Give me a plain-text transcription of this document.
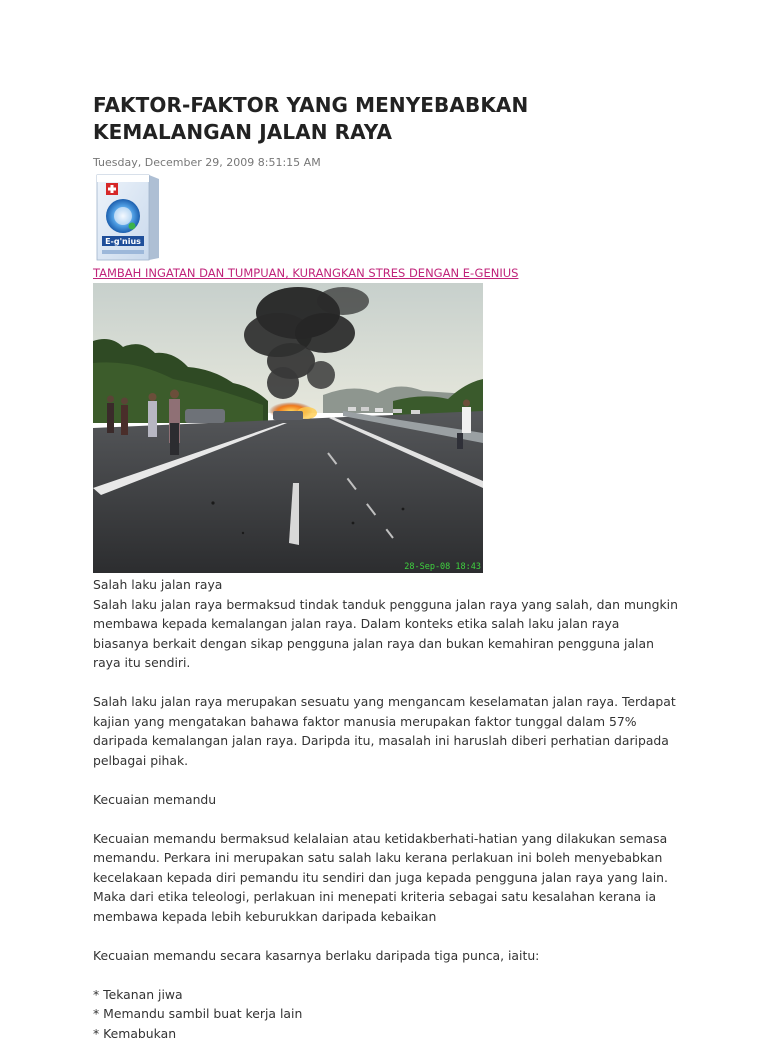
FAKTOR-FAKTOR YANG MENYEBABKAN
KEMALANGAN JALAN RAYA
Tuesday, December 29, 2009 8:51:15 AM
E-g'nius
TAMBAH INGATAN DAN TUMPUAN, KURANGKAN STRES DENGAN E-GENIUS
28-Sep-08 18:43

Salah laku jalan raya

Salah laku jalan raya bermaksud tindak tanduk pengguna jalan raya yang salah, dan mungkin membawa kepada kemalangan jalan raya. Dalam konteks etika salah laku jalan raya biasanya berkait dengan sikap pengguna jalan raya dan bukan kemahiran pengguna jalan raya itu sendiri.

Salah laku jalan raya merupakan sesuatu yang mengancam keselamatan jalan raya. Terdapat kajian yang mengatakan bahawa faktor manusia merupakan faktor tunggal dalam 57% daripada kemalangan jalan raya. Daripda itu, masalah ini haruslah diberi perhatian daripada pelbagai pihak.

Kecuaian memandu

Kecuaian memandu bermaksud kelalaian atau ketidakberhati-hatian yang dilakukan semasa memandu. Perkara ini merupakan satu salah laku kerana perlakuan ini boleh menyebabkan kecelakaan kepada diri pemandu itu sendiri dan juga kepada pengguna jalan raya yang lain. Maka dari etika teleologi, perlakuan ini menepati kriteria sebagai satu kesalahan kerana ia membawa kepada lebih keburukkan daripada kebaikan

Kecuaian memandu secara kasarnya berlaku daripada tiga punca, iaitu:

* Tekanan jiwa

* Memandu sambil buat kerja lain

* Kemabukan
